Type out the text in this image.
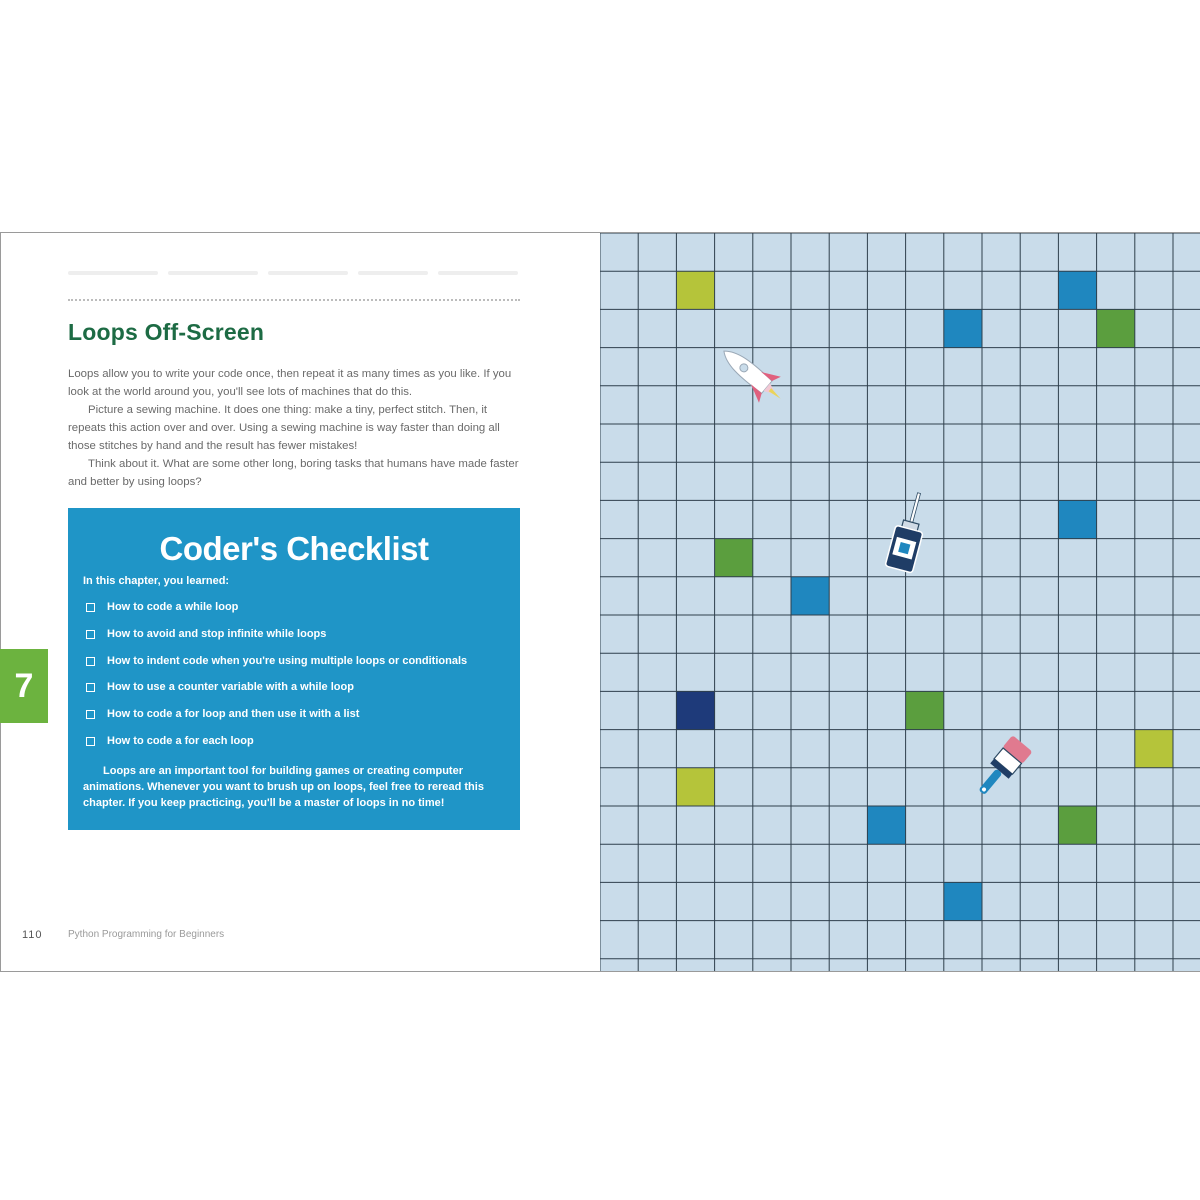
Loops Off-Screen

Loops allow you to write your code once, then repeat it as many times as you like. If you look at the world around you, you'll see lots of machines that do this.

Picture a sewing machine. It does one thing: make a tiny, perfect stitch. Then, it repeats this action over and over. Using a sewing machine is way faster than doing all those stitches by hand and the result has fewer mistakes!

Think about it. What are some other long, boring tasks that humans have made faster and better by using loops?

Coder's Checklist
In this chapter, you learned:
How to code a while loop
How to avoid and stop infinite while loops
How to indent code when you're using multiple loops or conditionals
How to use a counter variable with a while loop
How to code a for loop and then use it with a list
How to code a for each loop
Loops are an important tool for building games or creating computer animations. Whenever you want to brush up on loops, feel free to reread this chapter. If you keep practicing, you'll be a master of loops in no time!
7
110	Python Programming for Beginners
